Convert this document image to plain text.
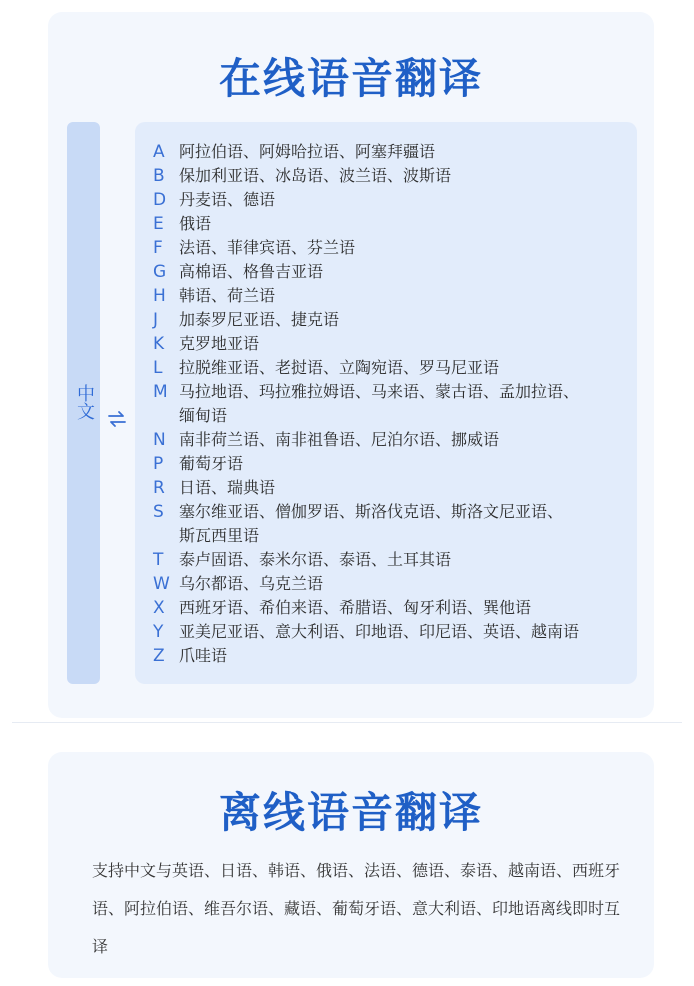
在线语音翻译
中文
A 阿拉伯语、阿姆哈拉语、阿塞拜疆语
B 保加利亚语、冰岛语、波兰语、波斯语
D 丹麦语、德语
E 俄语
F	法语、菲律宾语、芬兰语
G 高棉语、格鲁吉亚语
H 韩语、荷兰语
J	加泰罗尼亚语、捷克语
K 克罗地亚语
L	拉脱维亚语、老挝语、立陶宛语、罗马尼亚语
M 马拉地语、玛拉雅拉姆语、马来语、蒙古语、孟加拉语、
缅甸语
N 南非荷兰语、南非祖鲁语、尼泊尔语、挪威语
P 葡萄牙语
R 日语、瑞典语
S 塞尔维亚语、僧伽罗语、斯洛伐克语、斯洛文尼亚语、
斯瓦西里语
T 泰卢固语、泰米尔语、泰语、土耳其语
W 乌尔都语、乌克兰语
X 西班牙语、希伯来语、希腊语、匈牙利语、巽他语
Y 亚美尼亚语、意大利语、印地语、印尼语、英语、越南语
Z 爪哇语
离线语音翻译

支持中文与英语、日语、韩语、俄语、法语、德语、泰语、越南语、西班牙语、阿拉伯语、维吾尔语、藏语、葡萄牙语、意大利语、印地语离线即时互译
